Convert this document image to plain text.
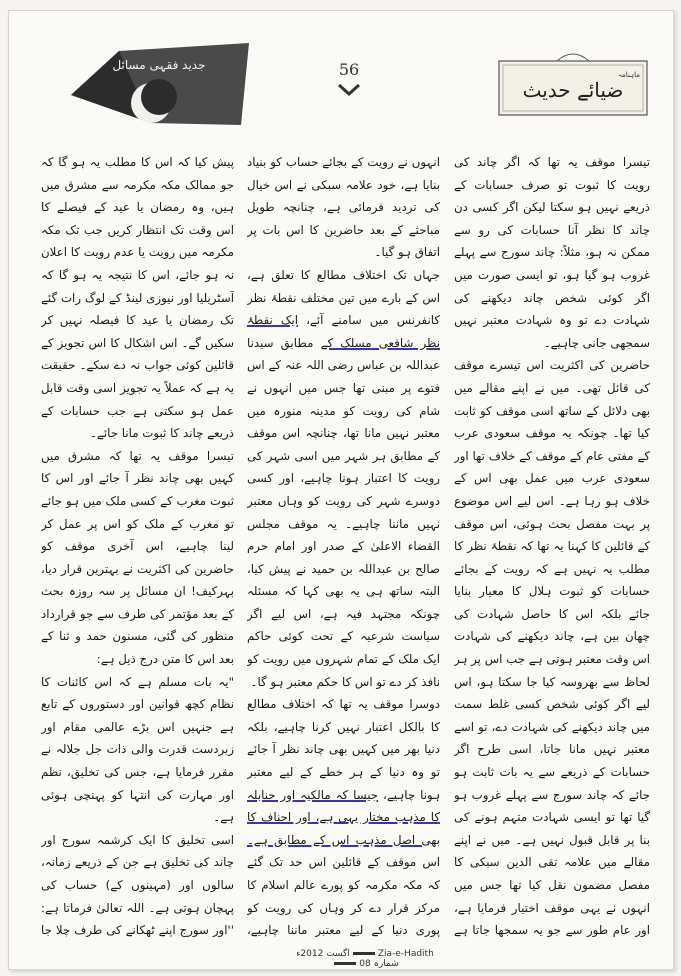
جدید فقہی مسائل	56
ضیائے حدیث
ماہنامہ

تیسرا موقف یہ تھا کہ اگر چاند کی رویت کا ثبوت تو صرف حسابات کے ذریعے نہیں ہو سکتا لیکن اگر کسی دن چاند کا نظر آنا حسابات کی رو سے ممکن نہ ہو، مثلاً: چاند سورج سے پہلے غروب ہو گیا ہو، تو ایسی صورت میں اگر کوئی شخص چاند دیکھنے کی شہادت دے تو وہ شہادت معتبر نہیں سمجھی جانی چاہیے۔

حاضرین کی اکثریت اس تیسرے موقف کی قائل تھی۔ میں نے اپنے مقالے میں بھی دلائل کے ساتھ اسی موقف کو ثابت کیا تھا۔ چونکہ یہ موقف سعودی عرب کے مفتی عام کے موقف کے خلاف تھا اور سعودی عرب میں عمل بھی اس کے خلاف ہو رہا ہے۔ اس لیے اس موضوع پر بہت مفصل بحث ہوئی، اس موقف کے قائلین کا کہنا یہ تھا کہ نقطۂ نظر کا مطلب یہ نہیں ہے کہ رویت کے بجائے حسابات کو ثبوت ہلال کا معیار بنایا جائے بلکہ اس کا حاصل شہادت کی چھان بین ہے، چاند دیکھنے کی شہادت اس وقت معتبر ہوتی ہے جب اس پر ہر لحاظ سے بھروسہ کیا جا سکتا ہو، اس لیے اگر کوئی شخص کسی غلط سمت میں چاند دیکھنے کی شہادت دے، تو اسے معتبر نہیں مانا جاتا، اسی طرح اگر حسابات کے ذریعے سے یہ بات ثابت ہو جائے کہ چاند سورج سے پہلے غروب ہو گیا تھا تو ایسی شہادت متہم ہونے کی بنا پر قابل قبول نہیں ہے۔ میں نے اپنے مقالے میں علامہ تقی الدین سبکی کا مفصل مضمون نقل کیا تھا جس میں انہوں نے یہی موقف اختیار فرمایا ہے، اور عام طور سے جو یہ سمجھا جاتا ہے

انہوں نے رویت کے بجائے حساب کو بنیاد بنایا ہے، خود علامہ سبکی نے اس خیال کی تردید فرمائی ہے، چنانچہ طویل مباحثے کے بعد حاضرین کا اس بات پر اتفاق ہو گیا۔

جہاں تک اختلاف مطالع کا تعلق ہے، اس کے بارے میں تین مختلف نقطۂ نظر کانفرنس میں سامنے آئے، ایک نقطۂ نظر شافعی مسلک کے مطابق سیدنا عبداللہ بن عباس رضی اللہ عنہ کے اس فتوے پر مبنی تھا جس میں انہوں نے شام کی رویت کو مدینہ منورہ میں معتبر نہیں مانا تھا، چنانچہ اس موقف کے مطابق ہر شہر میں اسی شہر کی رویت کا اعتبار ہونا چاہیے، اور کسی دوسرے شہر کی رویت کو وہاں معتبر نہیں ماننا چاہیے۔ یہ موقف مجلس القضاء الاعلیٰ کے صدر اور امام حرم صالح بن عبداللہ بن حمید نے پیش کیا، البتہ ساتھ ہی یہ بھی کہا کہ مسئلہ چونکہ مجتہد فیہ ہے، اس لیے اگر سیاست شرعیہ کے تحت کوئی حاکم ایک ملک کے تمام شہروں میں رویت کو نافذ کر دے تو اس کا حکم معتبر ہو گا۔

دوسرا موقف یہ تھا کہ اختلاف مطالع کا بالکل اعتبار نہیں کرنا چاہیے، بلکہ دنیا بھر میں کہیں بھی چاند نظر آ جائے تو وہ دنیا کے ہر خطے کے لیے معتبر ہونا چاہیے، جیسا کہ مالکیہ اور حنابلہ کا مذہب مختار یہی ہے، اور احناف کا بھی اصل مذہب اس کے مطابق ہے۔ اس موقف کے قائلین اس حد تک گئے کہ مکہ مکرمہ کو پورے عالم اسلام کا مرکز قرار دے کر وہاں کی رویت کو پوری دنیا کے لیے معتبر ماننا چاہیے،

پیش کیا کہ اس کا مطلب یہ ہو گا کہ جو ممالک مکہ مکرمہ سے مشرق میں ہیں، وہ رمضان یا عید کے فیصلے کا اس وقت تک انتظار کریں جب تک مکہ مکرمہ میں رویت یا عدم رویت کا اعلان نہ ہو جائے، اس کا نتیجہ یہ ہو گا کہ آسٹریلیا اور نیوزی لینڈ کے لوگ رات گئے تک رمضان یا عید کا فیصلہ نہیں کر سکیں گے۔ اس اشکال کا اس تجویز کے قائلین کوئی جواب نہ دے سکے۔ حقیقت یہ ہے کہ عملاً یہ تجویز اسی وقت قابل عمل ہو سکتی ہے جب حسابات کے ذریعے چاند کا ثبوت مانا جائے۔

تیسرا موقف یہ تھا کہ مشرق میں کہیں بھی چاند نظر آ جائے اور اس کا ثبوت مغرب کے کسی ملک میں ہو جائے تو مغرب کے ملک کو اس پر عمل کر لینا چاہیے، اس آخری موقف کو حاضرین کی اکثریت نے بہترین قرار دیا، بہرکیف! ان مسائل پر سہ روزہ بحث کے بعد مؤتمر کی طرف سے جو قرارداد منظور کی گئی، مسنون حمد و ثنا کے بعد اس کا متن درج ذیل ہے:

"یہ بات مسلم ہے کہ اس کائنات کا نظام کچھ قوانین اور دستوروں کے تابع ہے جنہیں اس بڑے عالمی مقام اور زبردست قدرت والی ذات جل جلالہ نے مقرر فرمایا ہے، جس کی تخلیق، نظم اور مہارت کی انتہا کو پہنچی ہوئی ہے۔

اسی تخلیق کا ایک کرشمہ سورج اور چاند کی تخلیق ہے جن کے ذریعے زمانہ، سالوں اور (مہینوں کے) حساب کی پہچان ہوتی ہے۔ اللہ تعالیٰ فرماتا ہے: ''اور سورج اپنے ٹھکانے کی طرف چلا جا

اگست 2012ء	Zia-e-Hadithشمارہ 08
